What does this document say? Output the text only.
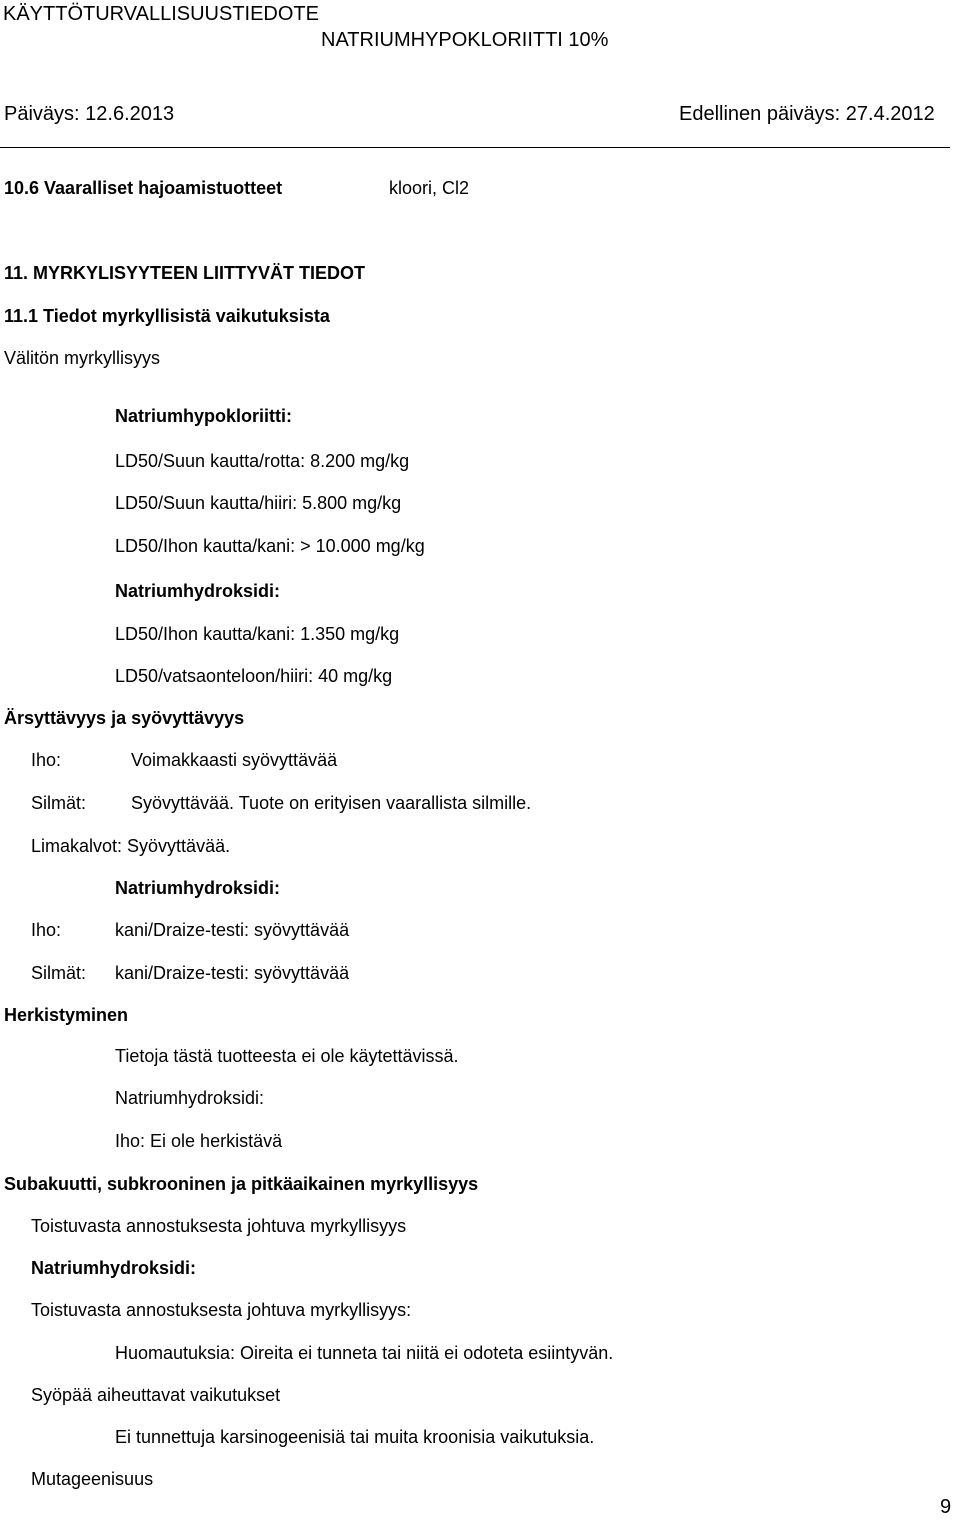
KÄYTTÖTURVALLISUUSTIEDOTE
NATRIUMHYPOKLORIITTI 10%
Päiväys: 12.6.2013	Edellinen päiväys: 27.4.2012
10.6 Vaaralliset hajoamistuotteet	kloori, Cl2
11. MYRKYLISYYTEEN LIITTYVÄT TIEDOT
11.1 Tiedot myrkyllisistä vaikutuksista
Välitön myrkyllisyys
Natriumhypokloriitti:
LD50/Suun kautta/rotta: 8.200 mg/kg
LD50/Suun kautta/hiiri: 5.800 mg/kg
LD50/Ihon kautta/kani: > 10.000 mg/kg
Natriumhydroksidi:
LD50/Ihon kautta/kani: 1.350 mg/kg
LD50/vatsaonteloon/hiiri: 40 mg/kg
Ärsyttävyys ja syövyttävyys
Iho:	Voimakkaasti syövyttävää
Silmät: Syövyttävää. Tuote on erityisen vaarallista silmille.
Limakalvot: Syövyttävää.
Natriumhydroksidi:
Iho:	kani/Draize-testi: syövyttävää
Silmät: kani/Draize-testi: syövyttävää
Herkistyminen
Tietoja tästä tuotteesta ei ole käytettävissä.
Natriumhydroksidi:
Iho: Ei ole herkistävä
Subakuutti, subkrooninen ja pitkäaikainen myrkyllisyys
Toistuvasta annostuksesta johtuva myrkyllisyys
Natriumhydroksidi:
Toistuvasta annostuksesta johtuva myrkyllisyys:
Huomautuksia: Oireita ei tunneta tai niitä ei odoteta esiintyvän.
Syöpää aiheuttavat vaikutukset
Ei tunnettuja karsinogeenisiä tai muita kroonisia vaikutuksia.
Mutageenisuus
9
